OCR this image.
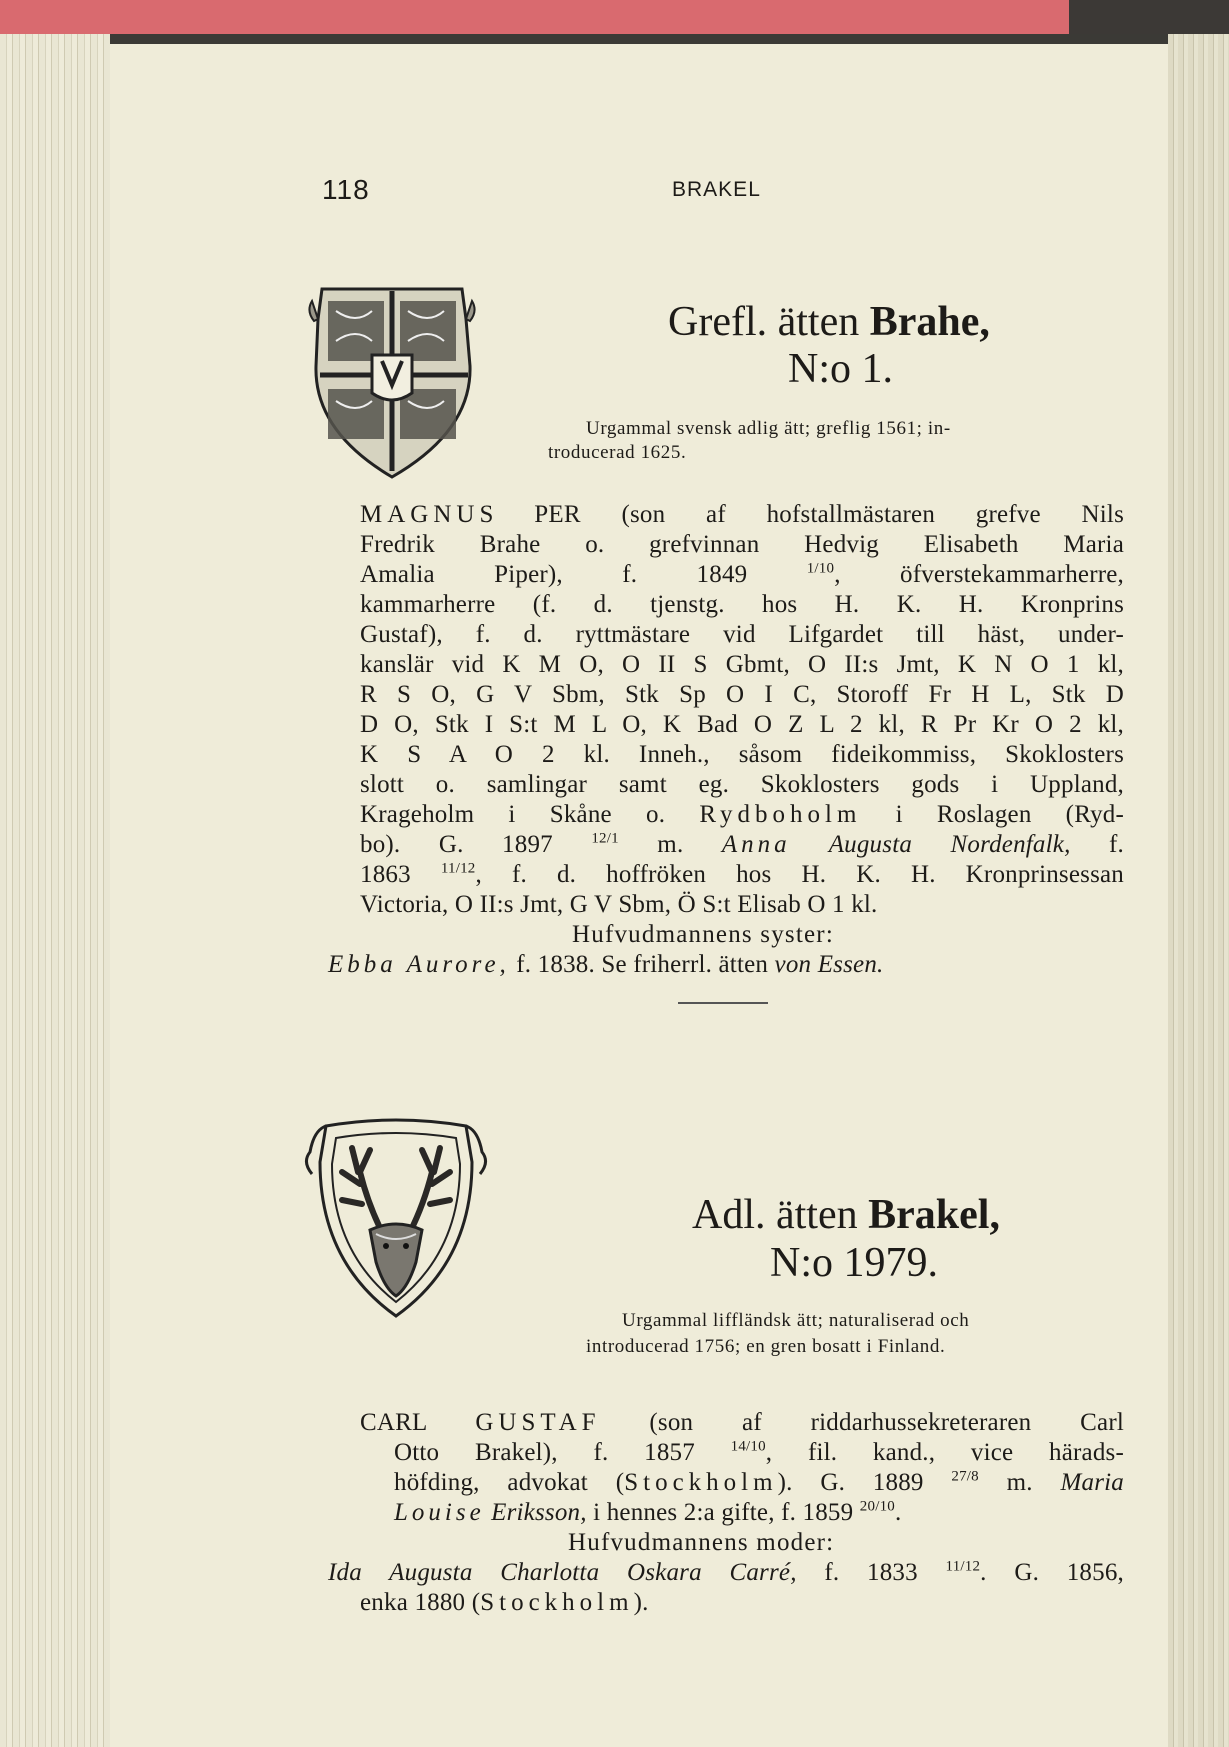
118	BRAKEL
Grefl. ätten Brahe,
N:o 1.
Urgammal svensk adlig ätt; greflig 1561; in-
troducerad 1625.
MAGNUS PER (son af hofstallmästaren grefve Nils
Fredrik Brahe o. grefvinnan Hedvig Elisabeth Maria
Amalia Piper), f. 1849	$^{1/10}$, öfverstekammarherre,
kammarherre (f. d. tjenstg. hos H. K. H. Kronprins
Gustaf), f. d. ryttmästare vid Lifgardet till häst, under-
kanslär vid K M O, O II S Gbmt, O II:s Jmt, K N O 1 kl,
R S O, G V Sbm, Stk Sp O I C, Storoff Fr H L, Stk D
D O, Stk I S:t M L O, K Bad O Z L 2 kl, R Pr Kr O 2 kl,
K S A O 2 kl. Inneh., såsom fideikommiss, Skoklosters
slott o. samlingar samt eg. Skoklosters gods i Uppland,
Krageholm i Skåne o. Rydboholm i Roslagen (Ryd-
bo). G. 1897	$^{12/1}$ m. Anna Augusta Nordenfalk, f.
1863 $^{11/12}$, f. d. hoffröken hos H. K. H. Kronprinsessan
Victoria, O II:s Jmt, G V Sbm, Ö S:t Elisab O 1 kl.
Hufvudmannens syster:
Ebba Aurore, f. 1838. Se friherrl. ätten von Essen.
Adl. ätten Brakel,
N:o 1979.
Urgammal liffländsk ätt; naturaliserad och
introducerad 1756; en gren bosatt i Finland.
CARL GUSTAF (son af riddarhussekreteraren Carl
Otto Brakel), f. 1857 $^{14/10}$, fil. kand., vice härads-
höfding, advokat (Stockholm). G. 1889 $^{27/8}$ m. Maria
Louise Eriksson, i hennes 2:a gifte, f. 1859 $^{20/10}$.
Hufvudmannens moder:
Ida Augusta Charlotta Oskara Carré, f. 1833 $^{11/12}$. G. 1856,
enka 1880 (Stockholm).
